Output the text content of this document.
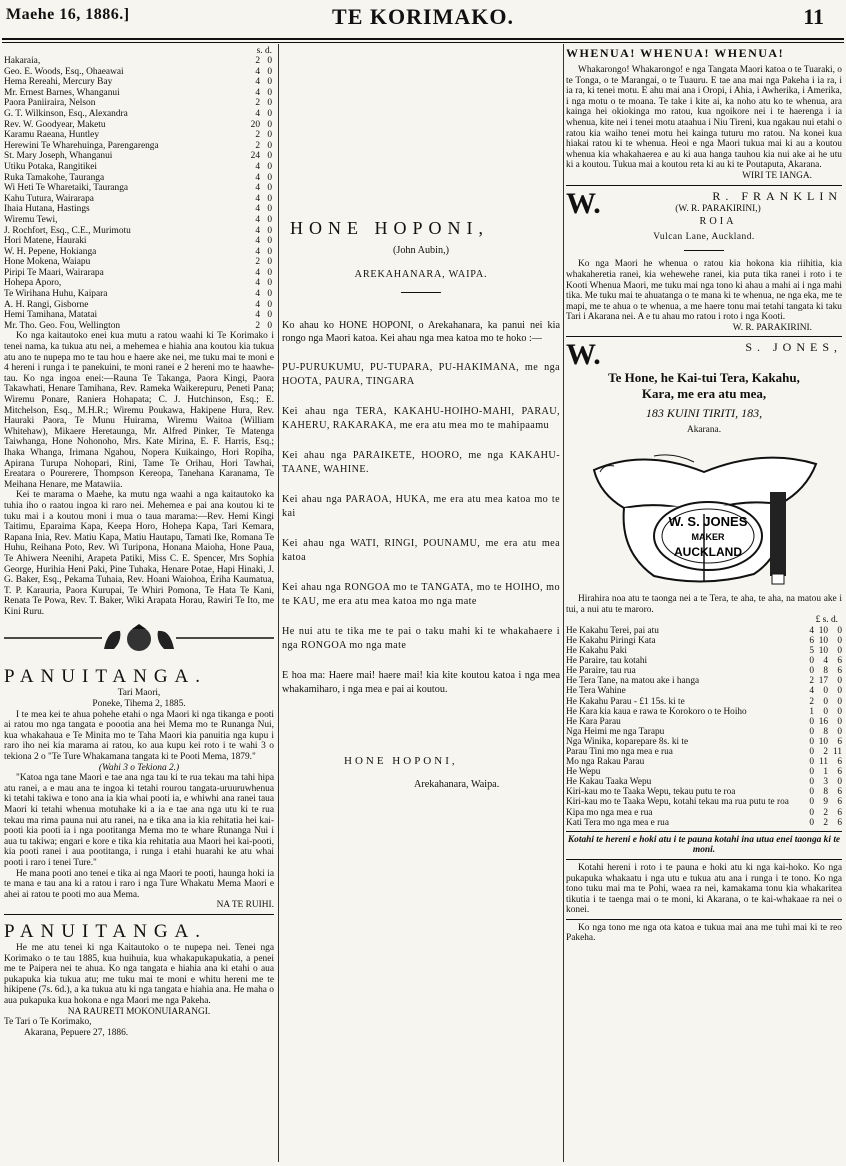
Maehe 16, 1886.]	TE KORIMAKO.	11
s. d.
Hakaraia,	2 0
Geo. E. Woods, Esq., Ohaeawai	4 0
Hema Rereahi, Mercury Bay	4 0
Mr. Ernest Barnes, Whanganui	4 0
Paora Paniiraira, Nelson	2 0
G. T. Wilkinson, Esq., Alexandra	4 0
Rev. W. Goodyear, Maketu	20 0
Karamu Raeana, Huntley	2 0
Herewini Te Wharehuinga, Parengarenga	2 0
St. Mary Joseph, Whanganui	24 0
Utiku Potaka, Rangitikei	4 0
Ruka Tamakohe, Tauranga	4 0
Wi Heti Te Wharetaiki, Tauranga	4 0
Kahu Tutura, Wairarapa	4 0
Ihaia Hutana, Hastings	4 0
Wiremu Tewi,	4 0
J. Rochfort, Esq., C.E., Murimotu	4 0
Hori Matene, Hauraki	4 0
W. H. Pepene, Hokianga	4 0
Hone Mokena, Waiapu	2 0
Piripi Te Maari, Wairarapa	4 0
Hohepa Aporo,	4 0
Te Wirihana Huhu, Kaipara	4 0
A. H. Rangi, Gisborne	4 0
Hemi Tamihana, Matatai	4 0
Mr. Tho. Geo. Fou, Wellington	2 0

Ko nga kaitautoko enei kua mutu a ratou waahi ki Te Korimako i tenei nama, ka tukua atu nei, a mehemea e hiahia ana koutou kia tukua atu ano te nupepa mo te tau hou e haere ake nei, me tuku mai te moni e 4 hereni i runga i te panekuini, te moni ranei e 2 hereni mo te haawhe-tau. Ko nga ingoa enei:—Rauna Te Takanga, Paora Kingi, Paora Takawhati, Henare Tamihana, Rev. Rameka Waikerepuru, Peneti Pana; Wiremu Ponare, Raniera Hohapata; C. J. Hutchinson, Esq.; E. Mitchelson, Esq., M.H.R.; Wiremu Poukawa, Hakipene Hura, Rev. Hauraki Paora, Te Munu Huirama, Wiremu Waitoa (William Whitehaw), Mikaere Heretaunga, Mr. Alfred Pinker, Te Matenga Taiwhanga, Hone Nohonoho, Mrs. Kate Mirina, E. F. Harris, Esq.; Ihaka Whanga, Irimana Ngahou, Nopera Kuikaingo, Hori Ropiha, Apirana Turupa Nohopari, Rini, Tame Te Orihau, Hori Tawhai, Ereatara o Pourerere, Thompson Kereopa, Tanehana Karanama, Te Meihana Henare, me Matawiia.

Kei te marama o Maehe, ka mutu nga waahi a nga kaitautoko ka tuhia iho o raatou ingoa ki raro nei. Mehemea e pai ana koutou ki te tuku mai i a koutou moni i mua o taua marama:—Rev. Hemi Kingi Taitimu, Eparaima Kapa, Keepa Horo, Hohepa Kapa, Tari Kemara, Rapana Inia, Rev. Matiu Kapa, Matiu Hautapu, Tamati Ike, Romana Te Huhu, Reihana Poto, Rev. Wi Turipona, Honana Maioha, Hone Paua, Te Ahiwera Neenihi, Arapeta Patiki, Miss C. E. Spencer, Mrs Sophia George, Hurihia Heni Paki, Pine Tuhaka, Henare Potae, Hapi Hinaki, J. G. Baker, Esq., Pekama Tuhaia, Rev. Hoani Waiohoa, Eriha Kaumatua, T. P. Karauria, Paora Kurupai, Te Whiri Pomona, Te Hata Te Kani, Renata Te Powa, Rev. T. Baker, Wiki Arapata Horau, Rawiri Te Ito, me Kini Ruru.

PANUITANGA.

Tari Maori,

Poneke, Tihema 2, 1885.

I te mea kei te ahua pohehe etahi o nga Maori ki nga tikanga e pooti ai ratou mo nga tangata e poootia ana hei Mema mo te Runanga Nui, kua whakahaua e Te Minita mo te Taha Maori kia panuitia nga kupu i raro iho nei kia marama ai ratou, ko aua kupu kei roto i te wahi 3 o tekiona 2 o "Te Ture Whakamana tangata ki te Pooti Mema, 1879."

(Wahi 3 o Tekiona 2.)

"Katoa nga tane Maori e tae ana nga tau ki te rua tekau ma tahi hipa atu ranei, a e mau ana te ingoa ki tetahi rourou tangata-uruuruwhenua ki tetahi takiwa e tono ana ia kia whai pooti ia, e whiwhi ana ranei taua Maori ki tetahi whenua motuhake ki a ia e tae ana nga utu ki te rua tekau ma rima pauna nui atu ranei, na e tika ana ia kia rehitatia hei kai-pooti kia pooti ia i nga pootitanga Mema mo te whare Runanga Nui i aua tu takiwa; engari e kore e tika kia rehitatia aua Maori hei kai-pooti, kia pooti ranei i aua pootitanga, i runga i etahi huarahi ke atu whai pooti i raro i tenei Ture."

He mana pooti ano tenei e tika ai nga Maori te pooti, haunga hoki ia te mana e tau ana ki a ratou i raro i nga Ture Whakatu Mema Maori e ahei ai ratou te pooti mo aua Mema.

NA TE RUIHI.

PANUITANGA.

He me atu tenei ki nga Kaitautoko o te nupepa nei. Tenei nga Korimako o te tau 1885, kua huihuia, kua whakapukapukatia, a penei me te Paipera nei te ahua. Ko nga tangata e hiahia ana ki etahi o aua pukapuka kia tukua atu; me tuku mai te moni e whitu hereni me te hikipene (7s. 6d.), a ka tukua atu ki nga tangata e hiahia ana. He maha o aua pukapuka kua hokona e nga Maori me nga Pakeha.

NA RAURETI MOKONUIARANGI.

Te Tari o Te Korimako,

Akarana, Pepuere 27, 1886.

HONE HOPONI,

(John Aubin,)

AREKAHANARA, WAIPA.

Ko ahau ko HONE HOPONI, o Arekahanara, ka panui nei kia rongo nga Maori katoa. Kei ahau nga mea katoa mo te hoko :—

PU-PURUKUMU, PU-TUPARA, PU-HAKIMANA, me nga HOOTA, PAURA, TINGARA

Kei ahau nga TERA, KAKAHU-HOIHO-MAHI, PARAU, KAHERU, RAKARAKA, me era atu mea mo te mahipaamu

Kei ahau nga PARAIKETE, HOORO, me nga KAKAHU-TAANE, WAHINE.

Kei ahau nga PARAOA, HUKA, me era atu mea katoa mo te kai

Kei ahau nga WATI, RINGI, POUNAMU, me era atu mea katoa

Kei ahau nga RONGOA mo te TANGATA, mo te HOIHO, mo te KAU, me era atu mea katoa mo nga mate

He nui atu te tika me te pai o taku mahi ki te whakahaere i nga RONGOA mo nga mate

E hoa ma: Haere mai! haere mai! kia kite koutou katoa i nga mea whakamiharo, i nga mea e pai ai koutou.

HONE HOPONI,

Arekahanara, Waipa.

WHENUA! WHENUA! WHENUA!

Whakarongo! Whakarongo! e nga Tangata Maori katoa o te Tuaraki, o te Tonga, o te Marangai, o te Tuauru. E tae ana mai nga Pakeha i ia ra, i ia ra, ki tenei motu. E ahu mai ana i Oropi, i Ahia, i Awherika, i Amerika, i nga motu o te moana. Te take i kite ai, ka noho atu ko te whenua, ara kainga hei okiokinga mo ratou, kua ngoikore nei i te haerenga i ia whenua, kite nei i tenei motu ataahua i Niu Tireni, kua ngakau nui etahi o ratou kia waiho tenei motu hei kainga tuturu mo ratou. Na konei kua hiakai ratou ki te whenua. Heoi e nga Maori tukua mai ki au a koutou whenua kia whakahaerea e au ki aua hanga tauhou kia nui ake ai he utu ki a koutou. Tukua mai a koutou reta ki au ki te Poutaputa, Akarana.

WIRI TE IANGA.

W.	R. FRANKLIN
(W. R. PARAKIRINI,)
ROIA

Vulcan Lane, Auckland.

Ko nga Maori he whenua o ratou kia hokona kia riihitia, kia whakaheretia ranei, kia wehewehe ranei, kia puta tika ranei i roto i te Kooti Whenua Maori, me tuku mai nga tono ki ahau a mahi ai i nga mahi tika. Me tuku mai te ahuatanga o te mana ki te whenua, ne nga eka, me te mapi, me te ahua o te whenua, a me haere tonu mai tetahi tangata ki taku Tari i Akarana nei. A e tu ahau mo ratou i roto i nga Kooti.

W. R. PARAKIRINI.

W.	S. JONES,

Te Hone, he Kai-tui Tera, Kakahu,

Kara, me era atu mea,

183 KUINI TIRITI, 183,

Akarana.

W. S. JONES
MAKER
AUCKLAND

Hirahira noa atu te taonga nei a te Tera, te aha, te aha, na matou ake i tui, a nui atu te maroro.

£ s. d.
He Kakahu Terei, pai atu	4 10	0
He Kakahu Piringi Kata	6 10	0
He Kakahu Paki	5 10	0
He Paraire, tau kotahi	0	4	6
He Paraire, tau rua	0	8	6
He Tera Tane, na matou ake i hanga	2 17	0
He Tera Wahine	4	0	0
He Kakahu Parau - £1 15s. ki te	2	0	0
He Kara kia kaua e rawa te Korokoro o te Hoiho	1	0	0
He Kara Parau	0 16	0
Nga Heimi me nga Tarapu	0	8	0
Nga Winika, koparepare 8s. ki te	0 10	6
Parau Tini mo nga mea e rua	0	2 11
Mo nga Rakau Parau	0 11	6
He Wepu	0	1	6
He Kakau Taaka Wepu	0	3	0
Kiri-kau mo te Taaka Wepu, tekau putu te roa	0	8	6
Kiri-kau mo te Taaka Wepu, kotahi tekau ma rua putu te roa	0	9	6
Kipa mo nga mea e rua	0	2	6
Kati Tera mo nga mea e rua	0	2	6

Kotahi te hereni e hoki atu i te pauna kotahi ina utua enei taonga ki te moni.

Kotahi hereni i roto i te pauna e hoki atu ki nga kai-hoko. Ko nga pukapuka whakaatu i nga utu e tukua atu ana i runga i te tono. Ko nga tono tuku mai ma te Pohi, waea ra nei, kamakama tonu kia whakaritea tikutia i te taenga mai o te moni, ki Akarana, o te kai-whakaae ra nei o konei.

Ko nga tono me nga ota katoa e tukua mai ana me tuhi mai ki te reo Pakeha.
